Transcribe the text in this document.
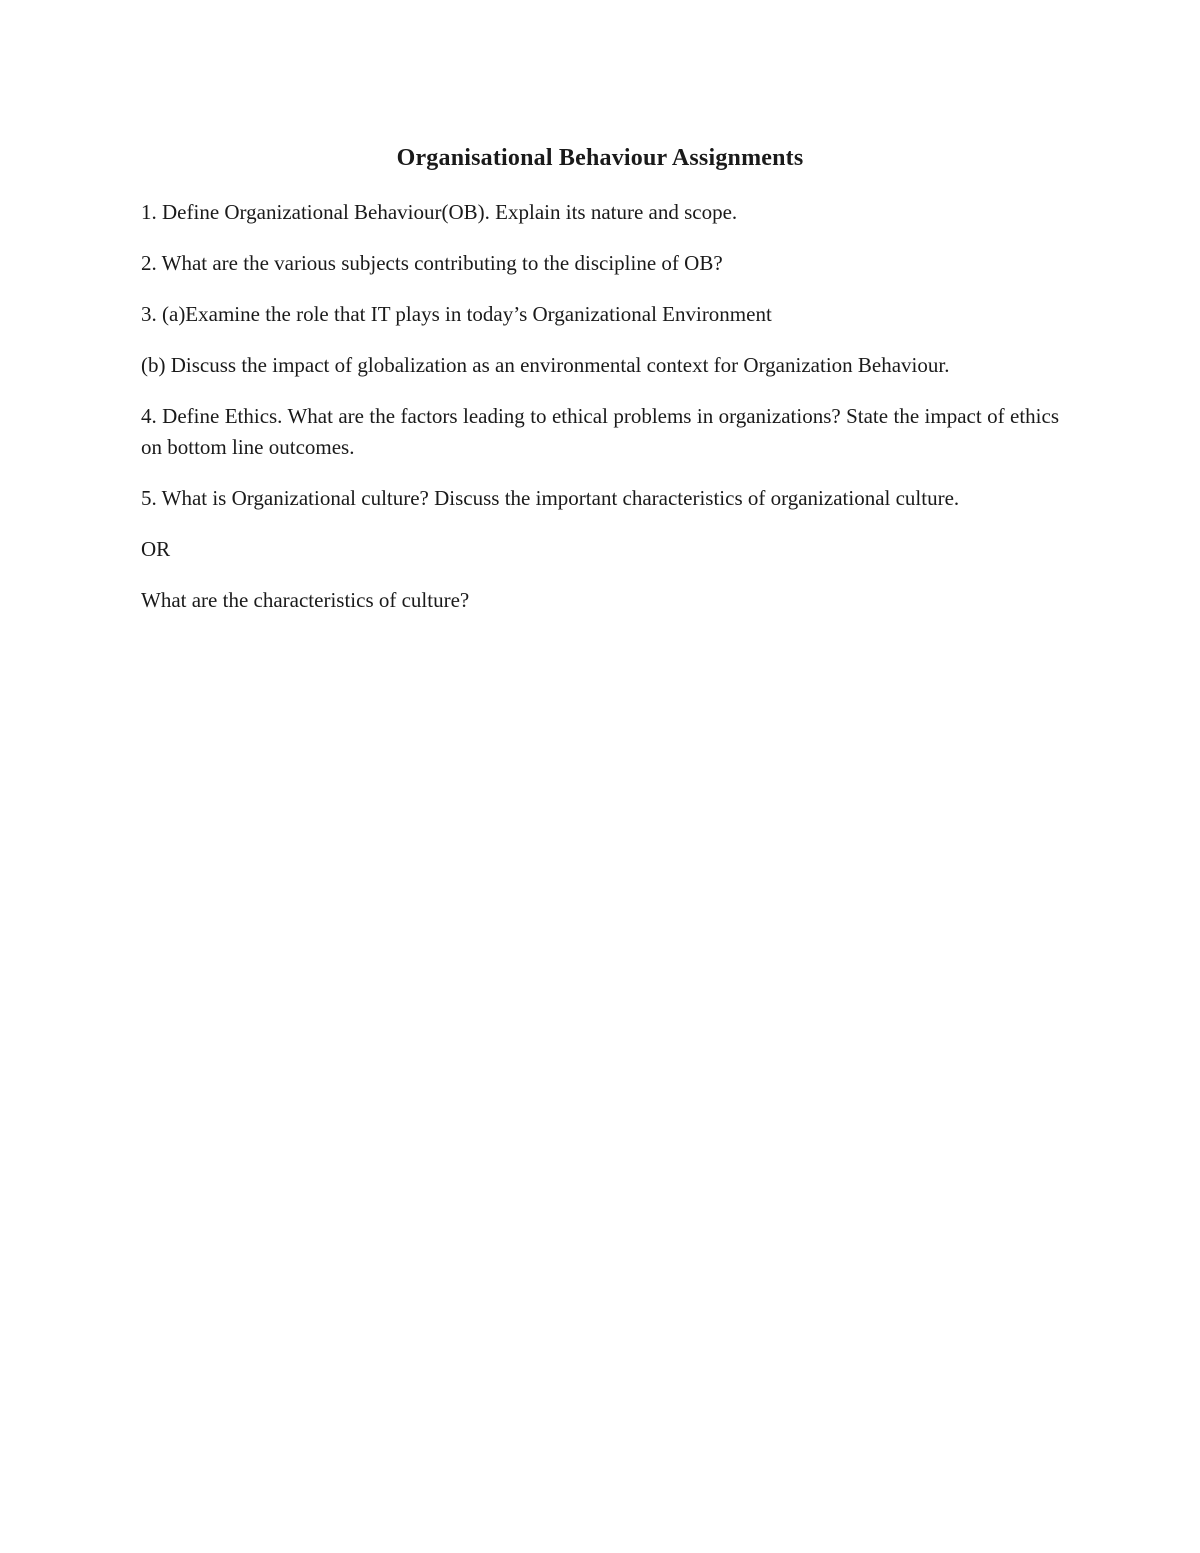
Organisational Behaviour Assignments

1. Define Organizational Behaviour(OB). Explain its nature and scope.

2. What are the various subjects contributing to the discipline of OB?

3. (a)Examine the role that IT plays in today’s Organizational Environment

(b) Discuss the impact of globalization as an environmental context for Organization Behaviour.

4. Define Ethics. What are the factors leading to ethical problems in organizations? State the impact of ethics on bottom line outcomes.

5. What is Organizational culture? Discuss the important characteristics of organizational culture.

OR

What are the characteristics of culture?
